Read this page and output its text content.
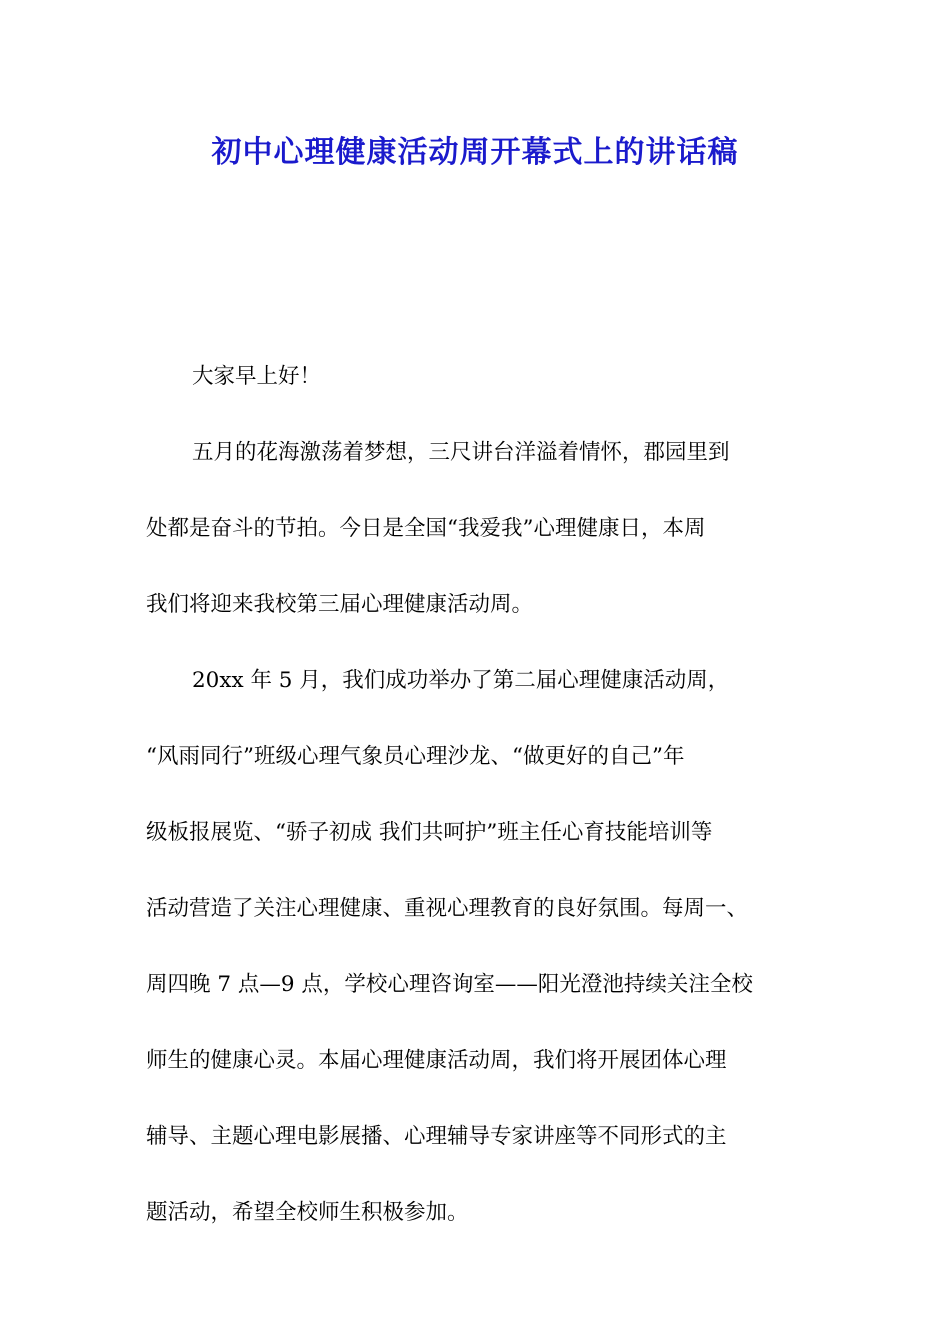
初中心理健康活动周开幕式上的讲话稿
大家早上好！
五月的花海激荡着梦想，三尺讲台洋溢着情怀，郡园里到
处都是奋斗的节拍。今日是全国“我爱我”心理健康日，本周
我们将迎来我校第三届心理健康活动周。
20xx 年 5 月，我们成功举办了第二届心理健康活动周，
“风雨同行”班级心理气象员心理沙龙、“做更好的自己”年
级板报展览、“骄子初成 我们共呵护”班主任心育技能培训等
活动营造了关注心理健康、重视心理教育的良好氛围。每周一、
周四晚 7 点—9 点，学校心理咨询室——阳光澄池持续关注全校
师生的健康心灵。本届心理健康活动周，我们将开展团体心理
辅导、主题心理电影展播、心理辅导专家讲座等不同形式的主
题活动，希望全校师生积极参加。
